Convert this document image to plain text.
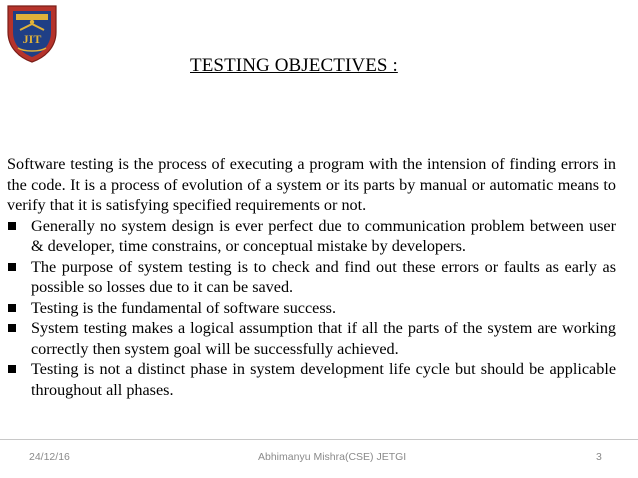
JIT
TESTING OBJECTIVES :

Software testing is the process of executing a program with the intension of finding errors in the code. It is a process of evolution of a system or its parts by manual or automatic means to verify that it is satisfying specified requirements or not.

Generally no system design is ever perfect due to communication problem between user & developer, time constrains, or conceptual mistake by developers.
The purpose of system testing is to check and find out these errors or faults as early as possible so losses due to it can be saved.
Testing is the fundamental of software success.
System testing makes a logical assumption that if all the parts of the system are working correctly then system goal will be successfully achieved.
Testing is not a distinct phase in system development life cycle but should be applicable throughout all phases.
24/12/16	Abhimanyu Mishra(CSE) JETGI	3
